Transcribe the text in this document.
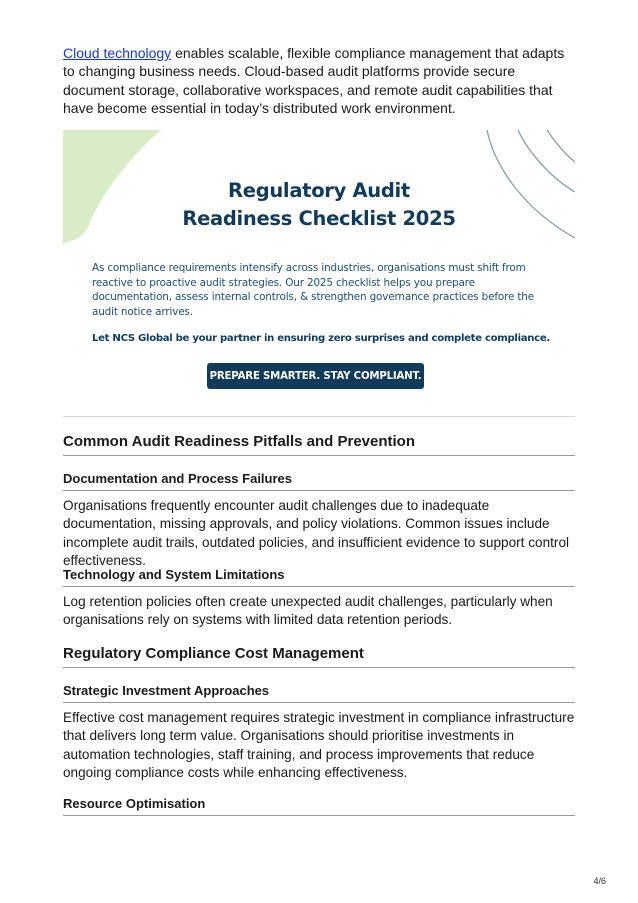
Cloud technology enables scalable, flexible compliance management that adapts to changing business needs. Cloud-based audit platforms provide secure document storage, collaborative workspaces, and remote audit capabilities that have become essential in today’s distributed work environment.

Regulatory Audit
Readiness Checklist 2025
As compliance requirements intensify across industries, organisations must shift from reactive to proactive audit strategies. Our 2025 checklist helps you prepare documentation, assess internal controls, & strengthen governance practices before the audit notice arrives.
Let NCS Global be your partner in ensuring zero surprises and complete compliance.
PREPARE SMARTER. STAY COMPLIANT.
Common Audit Readiness Pitfalls and Prevention
Documentation and Process Failures

Organisations frequently encounter audit challenges due to inadequate documentation, missing approvals, and policy violations. Common issues include incomplete audit trails, outdated policies, and insufficient evidence to support control effectiveness.

Technology and System Limitations

Log retention policies often create unexpected audit challenges, particularly when organisations rely on systems with limited data retention periods.

Regulatory Compliance Cost Management
Strategic Investment Approaches

Effective cost management requires strategic investment in compliance infrastructure that delivers long term value. Organisations should prioritise investments in automation technologies, staff training, and process improvements that reduce ongoing compliance costs while enhancing effectiveness.

Resource Optimisation
4/6
